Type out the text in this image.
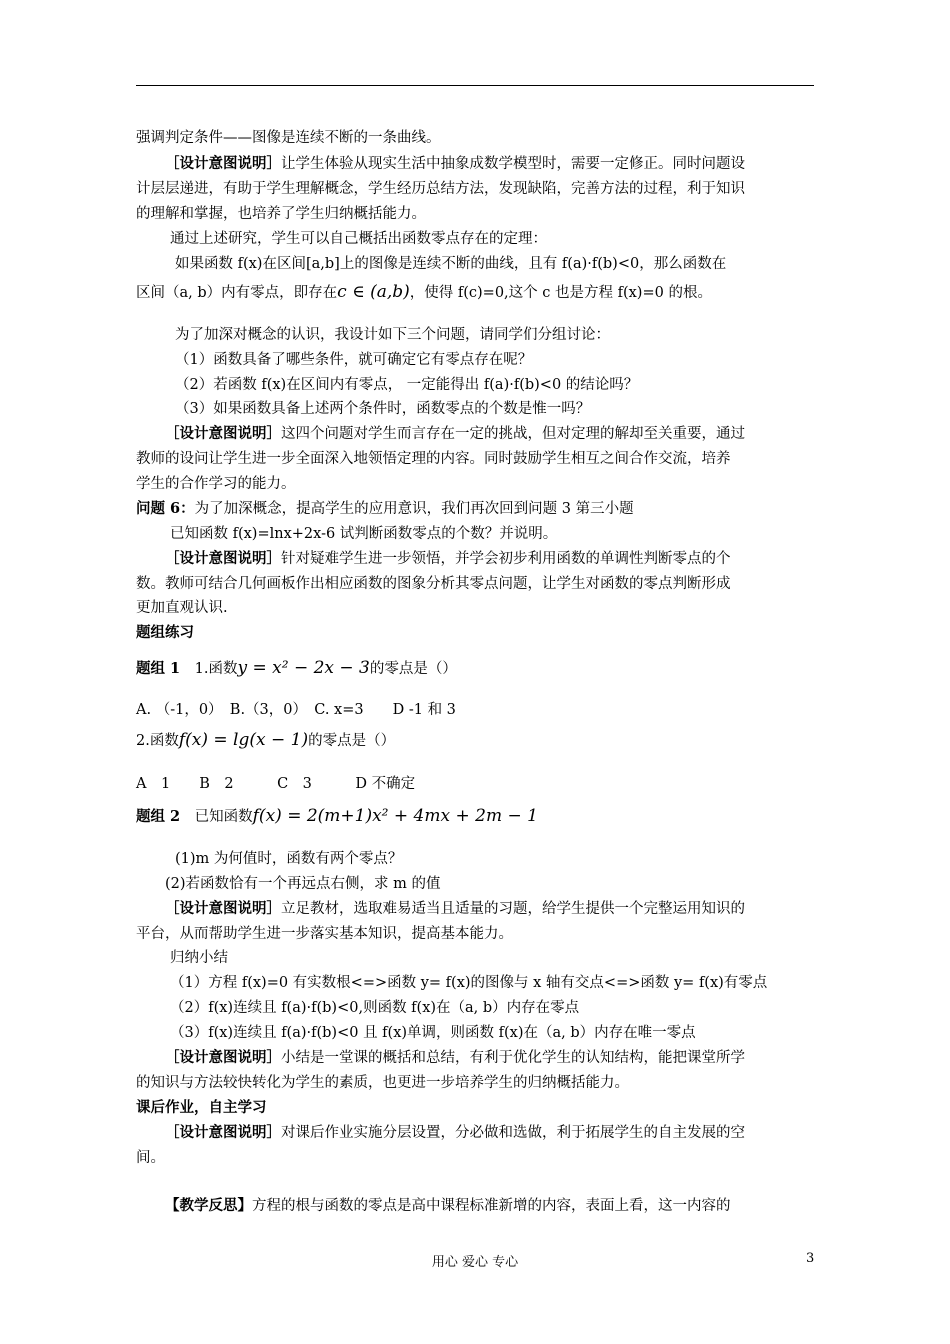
强调判定条件——图像是连续不断的一条曲线。
［设计意图说明］让学生体验从现实生活中抽象成数学模型时，需要一定修正。同时问题设
计层层递进，有助于学生理解概念，学生经历总结方法，发现缺陷，完善方法的过程，利于知识
的理解和掌握，也培养了学生归纳概括能力。
通过上述研究，学生可以自己概括出函数零点存在的定理：
如果函数 f(x)在区间[a,b]上的图像是连续不断的曲线，且有 f(a)·f(b)<0，那么函数在
区间（a, b）内有零点，即存在c ∈ (a,b)，使得 f(c)=0,这个 c 也是方程 f(x)=0 的根。
为了加深对概念的认识，我设计如下三个问题，请同学们分组讨论：
（1）函数具备了哪些条件，就可确定它有零点存在呢？
（2）若函数 f(x)在区间内有零点， 一定能得出 f(a)·f(b)<0 的结论吗？
（3）如果函数具备上述两个条件时，函数零点的个数是惟一吗？
［设计意图说明］这四个问题对学生而言存在一定的挑战，但对定理的解却至关重要，通过
教师的设问让学生进一步全面深入地领悟定理的内容。同时鼓励学生相互之间合作交流，培养
学生的合作学习的能力。
问题 6：为了加深概念，提高学生的应用意识，我们再次回到问题 3 第三小题
已知函数 f(x)=lnx+2x-6 试判断函数零点的个数？并说明。
［设计意图说明］针对疑难学生进一步领悟，并学会初步利用函数的单调性判断零点的个
数。教师可结合几何画板作出相应函数的图象分析其零点问题，让学生对函数的零点判断形成
更加直观认识.
题组练习
题组 1　 1.函数y = x² − 2x − 3的零点是（）
A. （-1，0）　B.（3，0）　C. x=3　　D -1 和 3
2.函数f(x) = lg(x − 1)的零点是（）
A　1　　B　2　　　C　3　　　D 不确定
题组 2　 已知函数f(x) = 2(m+1)x² + 4mx + 2m − 1
(1)m 为何值时，函数有两个零点？
(2)若函数恰有一个再远点右侧，求 m 的值
［设计意图说明］立足教材，选取难易适当且适量的习题，给学生提供一个完整运用知识的
平台，从而帮助学生进一步落实基本知识，提高基本能力。
归纳小结
（1）方程 f(x)=0 有实数根<=>函数 y= f(x)的图像与 x 轴有交点<=>函数 y= f(x)有零点
（2）f(x)连续且 f(a)·f(b)<0,则函数 f(x)在（a, b）内存在零点
（3）f(x)连续且 f(a)·f(b)<0 且 f(x)单调，则函数 f(x)在（a, b）内存在唯一零点
［设计意图说明］小结是一堂课的概括和总结，有利于优化学生的认知结构，能把课堂所学
的知识与方法较快转化为学生的素质，也更进一步培养学生的归纳概括能力。
课后作业，自主学习
［设计意图说明］对课后作业实施分层设置，分必做和选做，利于拓展学生的自主发展的空
间。
【教学反思】方程的根与函数的零点是高中课程标准新增的内容，表面上看，这一内容的
用心 爱心 专心	3
